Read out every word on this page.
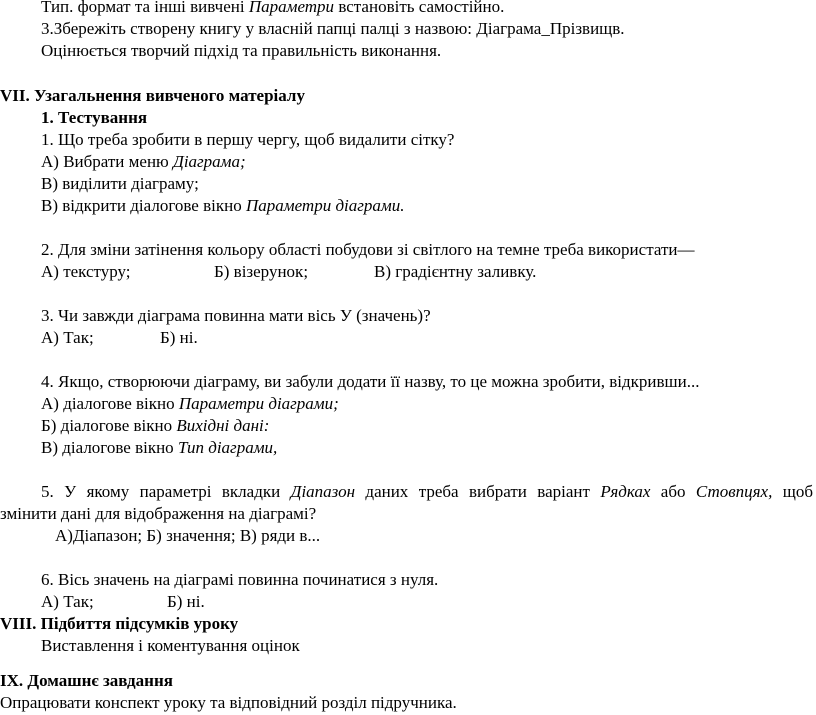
Тип. формат та інші вивчені Параметри встановіть самостійно.
3.Збережіть створену книгу у власній папці палці з назвою: Діаграма_Прізвищв.
Оцінюється творчий підхід та правильність виконання.
VII. Узагальнення вивченого матеріалу
1. Тестування
1. Що треба зробити в першу чергу, щоб видалити сітку?
А) Вибрати меню Діаграма;
В) виділити діаграму;
В) відкрити діалогове вікно Параметри діаграми.
2. Для зміни затінення кольору області побудови зі світлого на темне треба використати—
А) текстуру;	Б) візерунок;	В) градієнтну заливку.
3. Чи завжди діаграма повинна мати вісь У (значень)?
А) Так;	Б) ні.
4. Якщо, створюючи діаграму, ви забули додати її назву, то це можна зробити, відкривши...
А) діалогове вікно Параметри діаграми;
Б) діалогове вікно Вихідні дані:
В) діалогове вікно Тип діаграми,
5. У якому параметрі вкладки Діапазон даних треба вибрати варіант Рядках або Стовпцях, щоб
змінити дані для відображення на діаграмі?
А)Діапазон; Б) значення; В) ряди в...
6. Вісь значень на діаграмі повинна починатися з нуля.
А) Так;	Б) ні.
VIII. Підбиття підсумків уроку
Виставлення і коментування оцінок
IX. Домашнє завдання
Опрацювати конспект уроку та відповідний розділ підручника.
